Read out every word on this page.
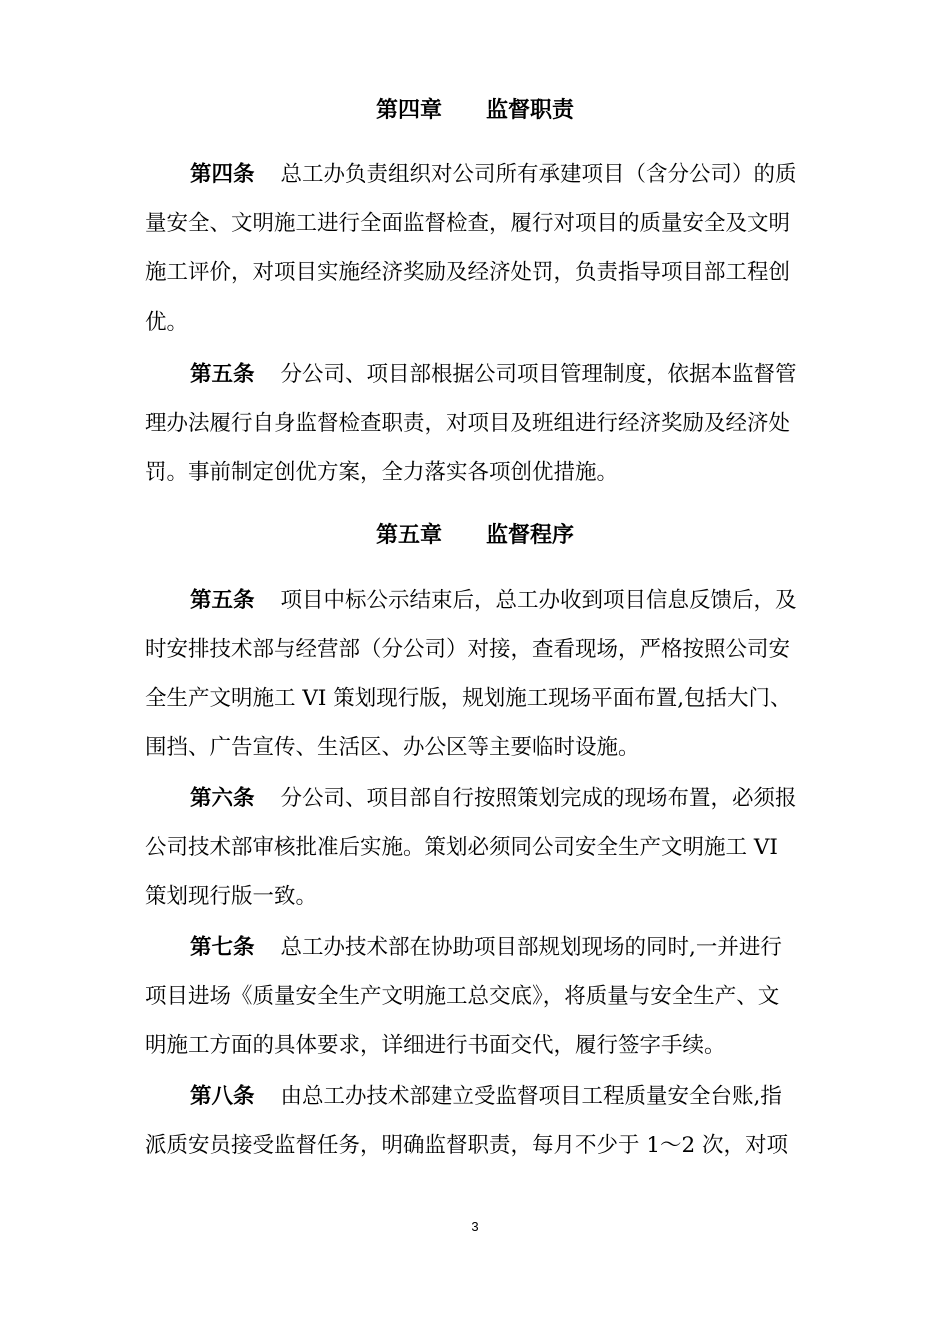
第四章　　监督职责
第四条 总工办负责组织对公司所有承建项目（含分公司）的质
量安全、文明施工进行全面监督检查，履行对项目的质量安全及文明
施工评价，对项目实施经济奖励及经济处罚，负责指导项目部工程创
优。
第五条 分公司、项目部根据公司项目管理制度，依据本监督管
理办法履行自身监督检查职责，对项目及班组进行经济奖励及经济处
罚。事前制定创优方案，全力落实各项创优措施。
第五章　　监督程序
第五条 项目中标公示结束后，总工办收到项目信息反馈后，及
时安排技术部与经营部（分公司）对接，查看现场，严格按照公司安
全生产文明施工 VI 策划现行版，规划施工现场平面布置,包括大门、
围挡、广告宣传、生活区、办公区等主要临时设施。
第六条 分公司、项目部自行按照策划完成的现场布置，必须报
公司技术部审核批准后实施。策划必须同公司安全生产文明施工 VI
策划现行版一致。
第七条 总工办技术部在协助项目部规划现场的同时,一并进行
项目进场《质量安全生产文明施工总交底》，将质量与安全生产、文
明施工方面的具体要求，详细进行书面交代，履行签字手续。
第八条 由总工办技术部建立受监督项目工程质量安全台账,指
派质安员接受监督任务，明确监督职责，每月不少于 1～2 次，对项
3
